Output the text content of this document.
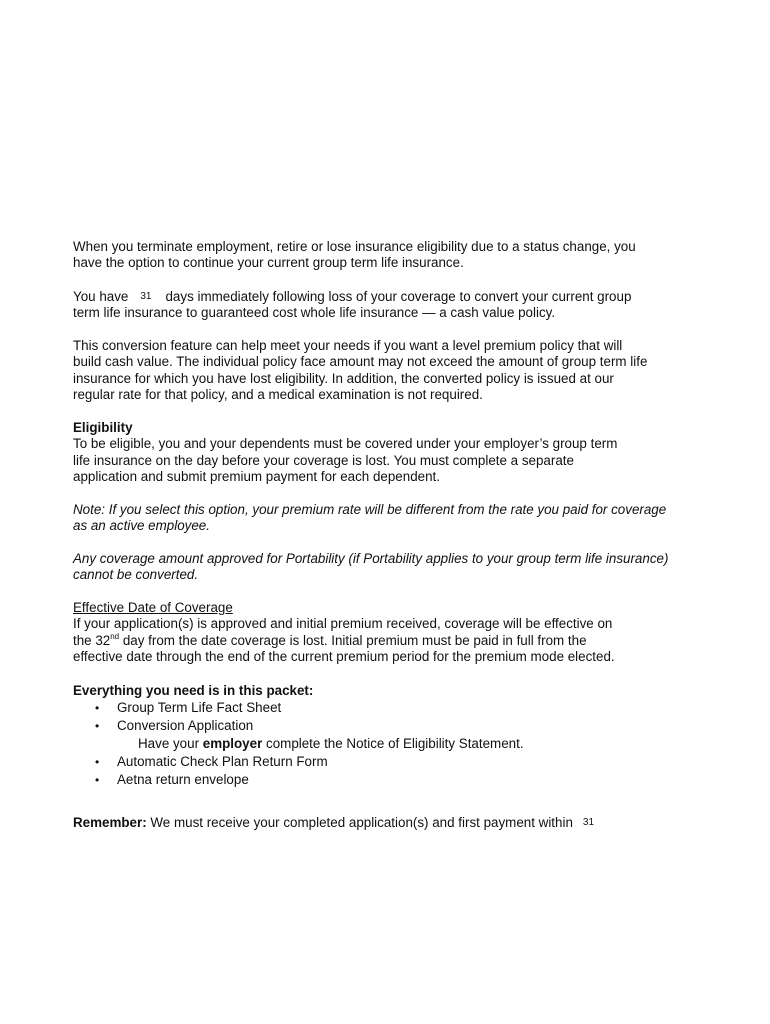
When you terminate employment, retire or lose insurance eligibility due to a status change, you
have the option to continue your current group term life insurance.
You have 31 days immediately following loss of your coverage to convert your current group
term life insurance to guaranteed cost whole life insurance — a cash value policy.
This conversion feature can help meet your needs if you want a level premium policy that will
build cash value. The individual policy face amount may not exceed the amount of group term life
insurance for which you have lost eligibility. In addition, the converted policy is issued at our
regular rate for that policy, and a medical examination is not required.
Eligibility
To be eligible, you and your dependents must be covered under your employer’s group term
life insurance on the day before your coverage is lost. You must complete a separate
application and submit premium payment for each dependent.
Note: If you select this option, your premium rate will be different from the rate you paid for coverage
as an active employee.
Any coverage amount approved for Portability (if Portability applies to your group term life insurance)
cannot be converted.
Effective Date of Coverage
If your application(s) is approved and initial premium received, coverage will be effective on
the 32nd day from the date coverage is lost. Initial premium must be paid in full from the
effective date through the end of the current premium period for the premium mode elected.
Everything you need is in this packet:
• Group Term Life Fact Sheet
• Conversion Application
Have your employer complete the Notice of Eligibility Statement.
• Automatic Check Plan Return Form
• Aetna return envelope
Remember: We must receive your completed application(s) and first payment within 31
